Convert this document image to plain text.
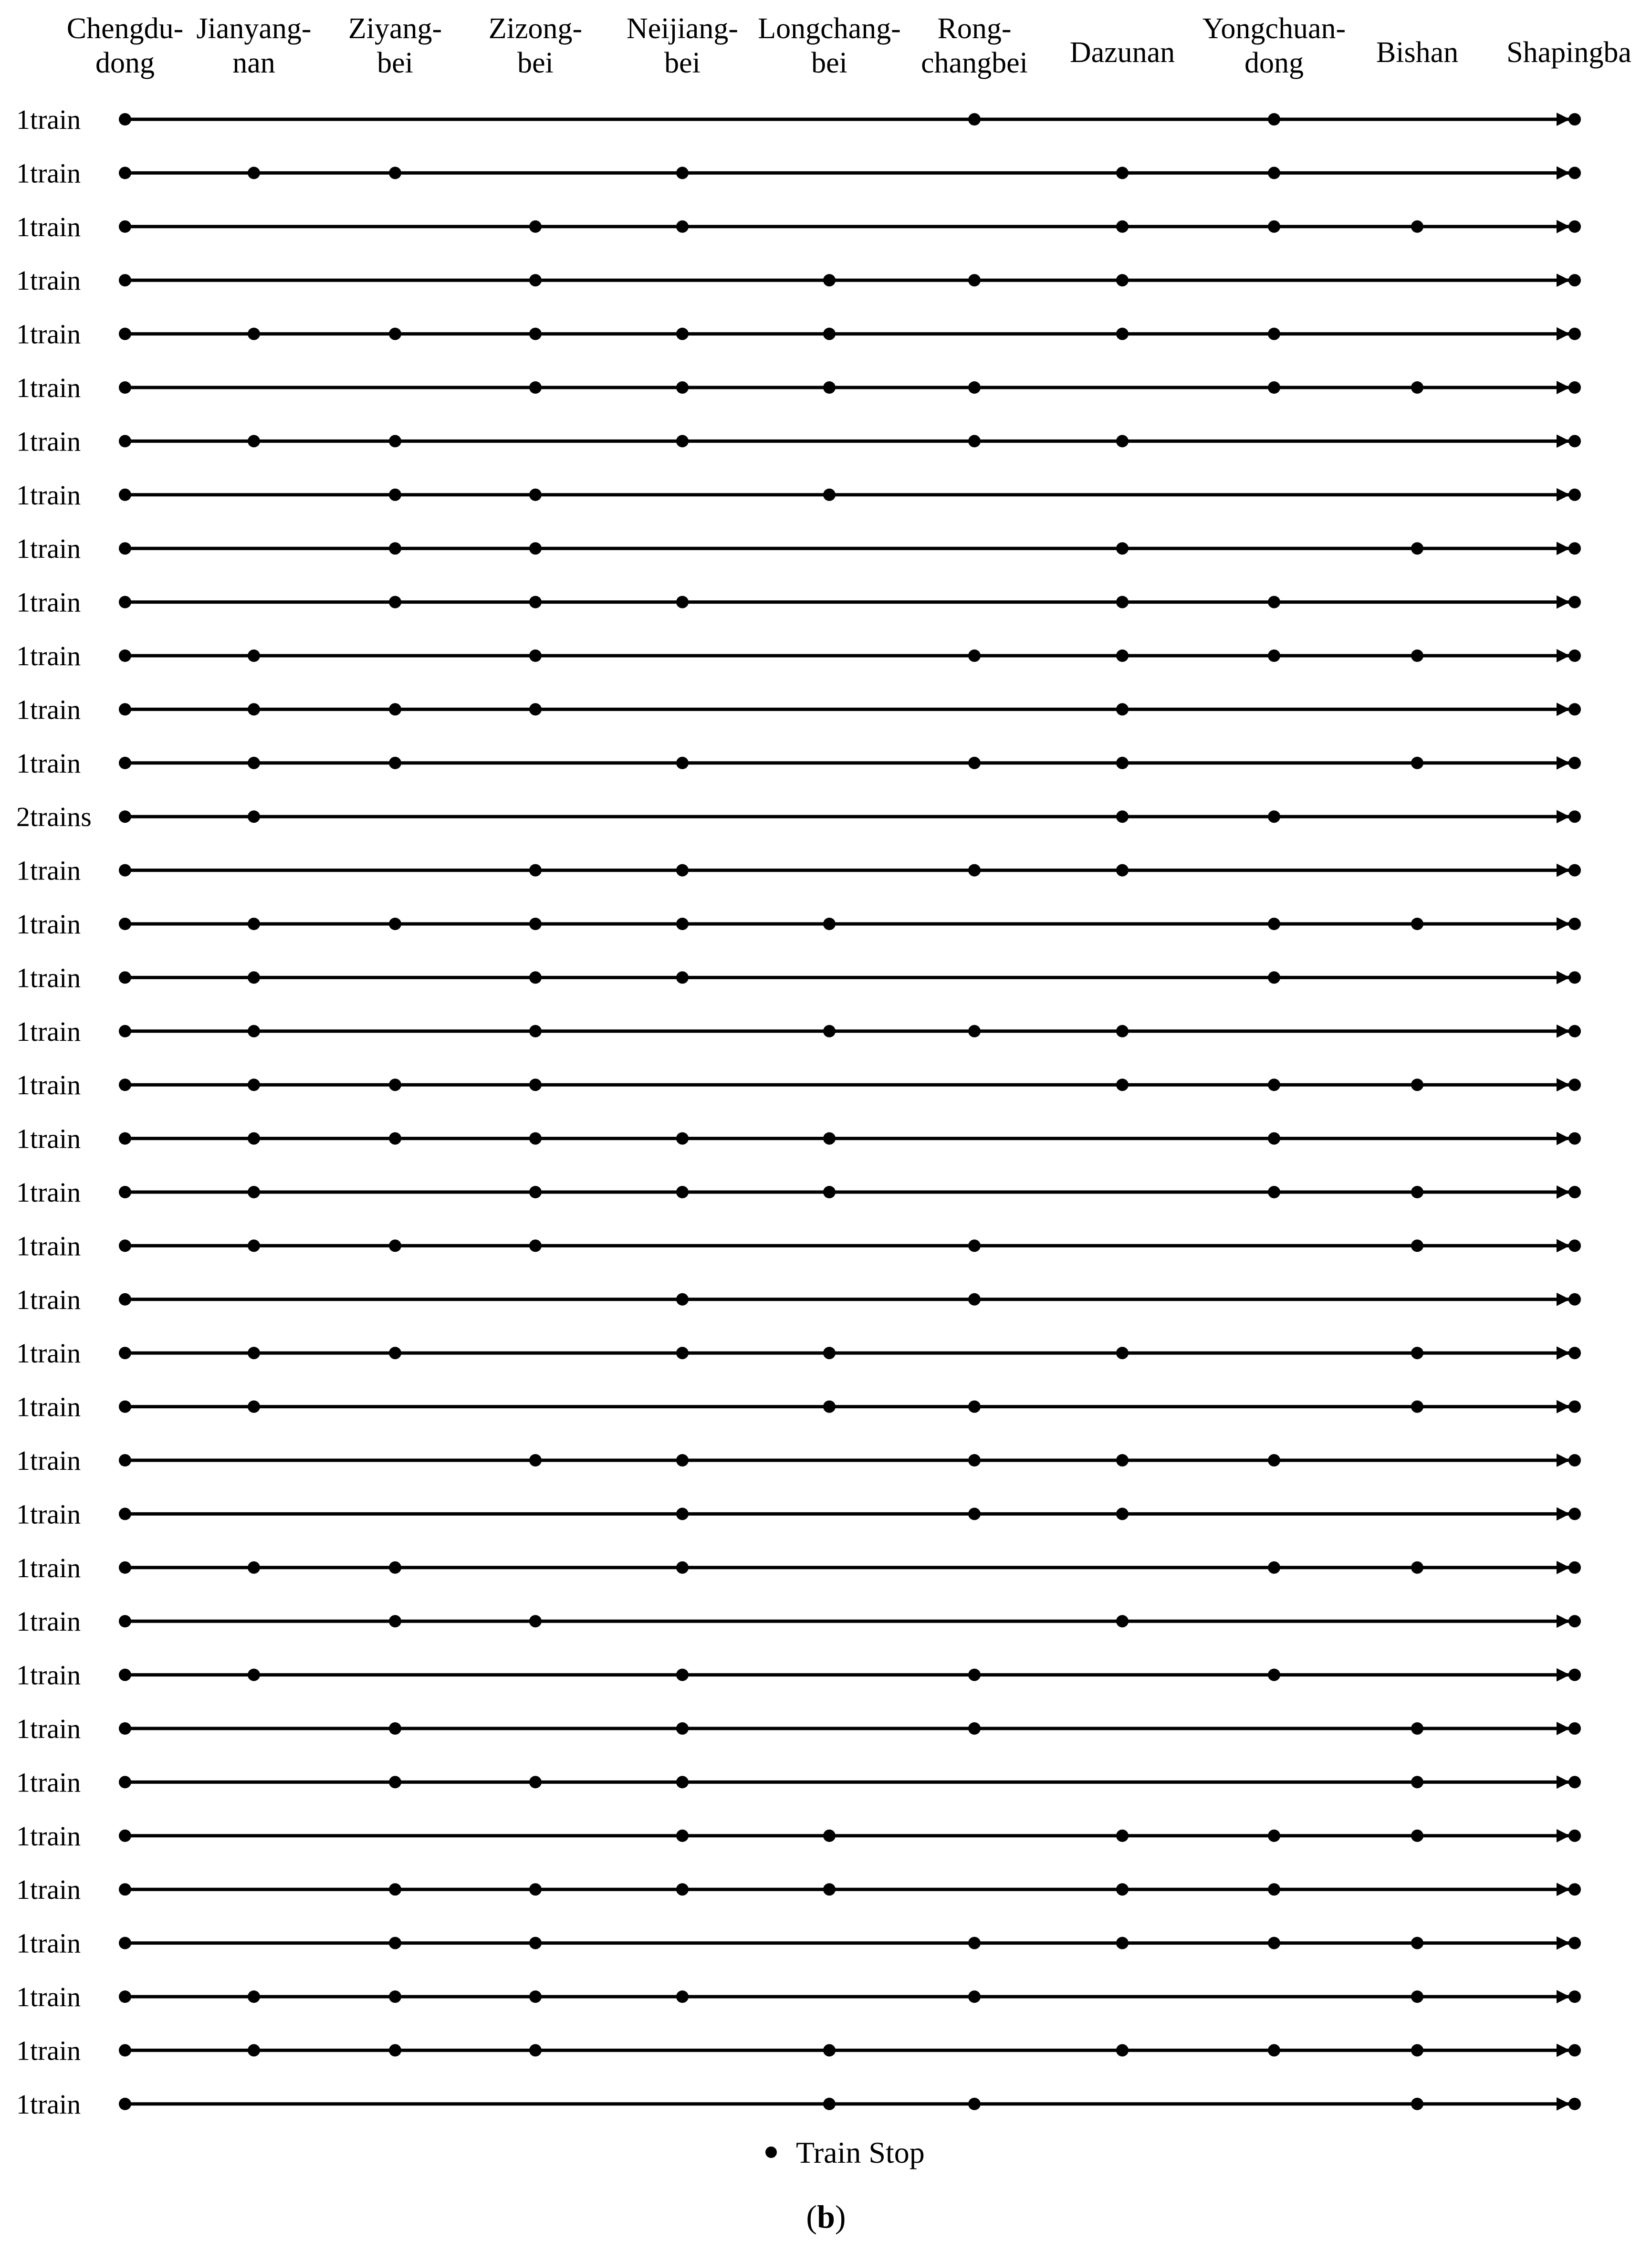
Chengdu-dong
Jianyang-nan
Ziyang-bei
Zizong-bei
Neijiang-bei
Longchang-bei
Rong-changbei Dazunan
Yongchuan-dong	Bishan Shapingba
1train
1train
1train
1train
1train
1train
1train
1train
1train
1train
1train
1train
1train
2trains
1train
1train
1train
1train
1train
1train
1train
1train
1train
1train
1train
1train
1train
1train
1train
1train
1train
1train
1train
1train
1train
1train
1train
1train
Train Stop
(b)
